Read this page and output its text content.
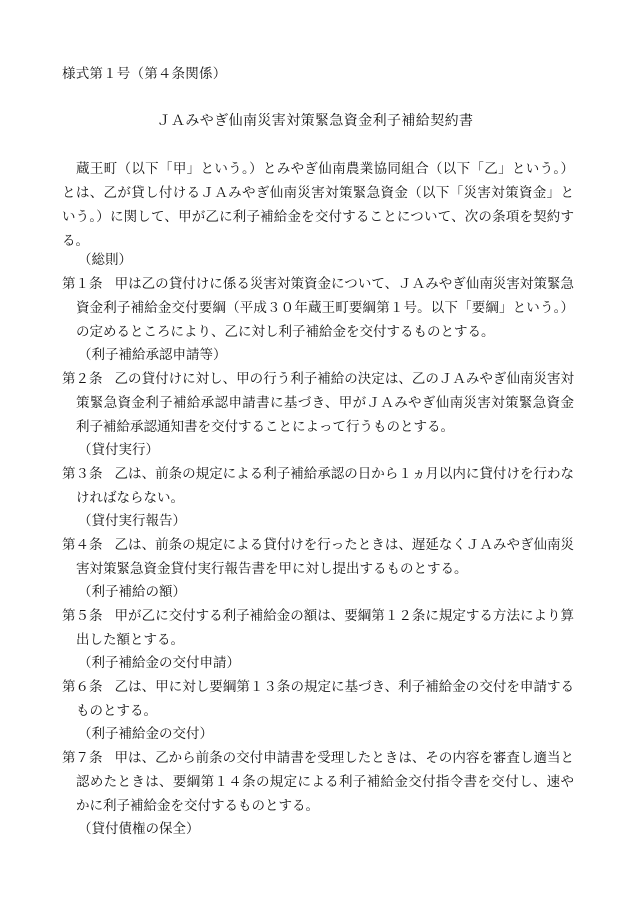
様式第１号（第４条関係）
ＪＡみやぎ仙南災害対策緊急資金利子補給契約書

蔵王町（以下「甲」という。）とみやぎ仙南農業協同組合（以下「乙」という。）とは、乙が貸し付けるＪＡみやぎ仙南災害対策緊急資金（以下「災害対策資金」という。）に関して、甲が乙に利子補給金を交付することについて、次の条項を契約する。

（総則）

第１条 甲は乙の貸付けに係る災害対策資金について、ＪＡみやぎ仙南災害対策緊急資金利子補給金交付要綱（平成３０年蔵王町要綱第１号。以下「要綱」という。）の定めるところにより、乙に対し利子補給金を交付するものとする。

（利子補給承認申請等）

第２条 乙の貸付けに対し、甲の行う利子補給の決定は、乙のＪＡみやぎ仙南災害対策緊急資金利子補給承認申請書に基づき、甲がＪＡみやぎ仙南災害対策緊急資金利子補給承認通知書を交付することによって行うものとする。

（貸付実行）

第３条 乙は、前条の規定による利子補給承認の日から１ヵ月以内に貸付けを行わなければならない。

（貸付実行報告）

第４条 乙は、前条の規定による貸付けを行ったときは、遅延なくＪＡみやぎ仙南災害対策緊急資金貸付実行報告書を甲に対し提出するものとする。

（利子補給の額）

第５条 甲が乙に交付する利子補給金の額は、要綱第１２条に規定する方法により算出した額とする。

（利子補給金の交付申請）

第６条 乙は、甲に対し要綱第１３条の規定に基づき、利子補給金の交付を申請するものとする。

（利子補給金の交付）

第７条 甲は、乙から前条の交付申請書を受理したときは、その内容を審査し適当と認めたときは、要綱第１４条の規定による利子補給金交付指令書を交付し、速やかに利子補給金を交付するものとする。

（貸付債権の保全）
